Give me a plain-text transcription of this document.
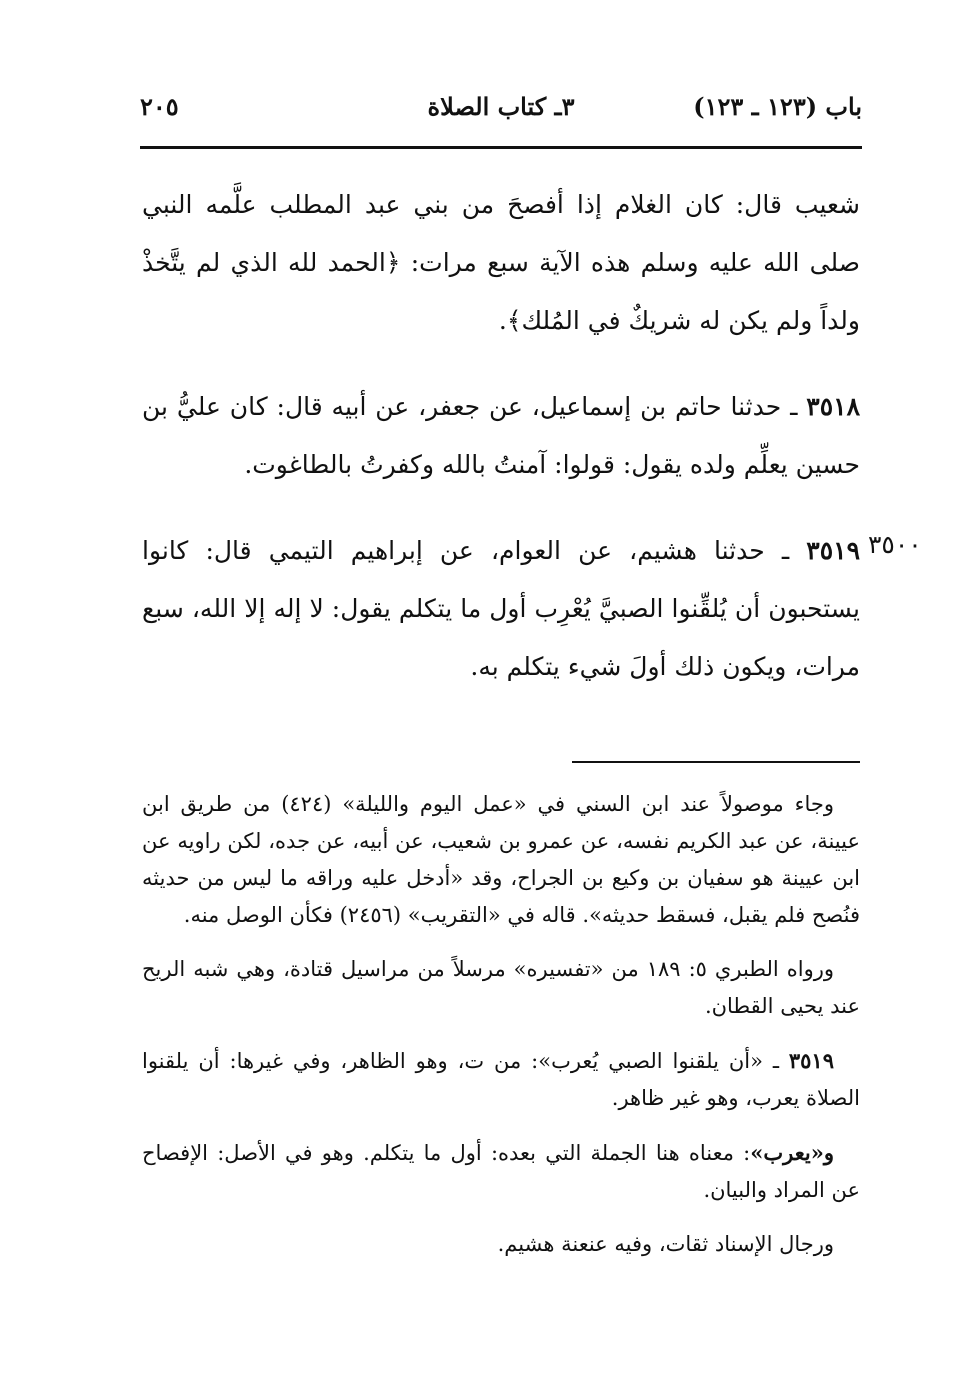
باب (١٢٣ ـ ١٢٣)
٣ـ كتاب الصلاة
٢٠٥

شعيب قال: كان الغلام إذا أفصحَ من بني عبد المطلب علَّمه النبي صلى الله عليه وسلم هذه الآية سبع مرات: ﴿الحمد لله الذي لم يتَّخذْ ولداً ولم يكن له شريكٌ في المُلك﴾.

٣٥١٨ ـ حدثنا حاتم بن إسماعيل، عن جعفر، عن أبيه قال: كان عليُّ بن حسين يعلِّم ولده يقول: قولوا: آمنتُ بالله وكفرتُ بالطاغوت.

٣٥١٩ ـ حدثنا هشيم، عن العوام، عن إبراهيم التيمي قال: كانوا يستحبون أن يُلقِّنوا الصبيَّ يُعْرِب أول ما يتكلم يقول: لا إله إلا الله، سبع مرات، ويكون ذلك أولَ شيء يتكلم به.

٣٥٠٠

وجاء موصولاً عند ابن السني في «عمل اليوم والليلة» (٤٢٤) من طريق ابن عيينة، عن عبد الكريم نفسه، عن عمرو بن شعيب، عن أبيه، عن جده، لكن راويه عن ابن عيينة هو سفيان بن وكيع بن الجراح، وقد «أدخل عليه وراقه ما ليس من حديثه فنُصح فلم يقبل، فسقط حديثه». قاله في «التقريب» (٢٤٥٦) فكأن الوصل منه.

ورواه الطبري ٥: ١٨٩ من «تفسيره» مرسلاً من مراسيل قتادة، وهي شبه الريح عند يحيى القطان.

٣٥١٩ ـ «أن يلقنوا الصبي يُعرب»: من ت، وهو الظاهر، وفي غيرها: أن يلقنوا الصلاة يعرب، وهو غير ظاهر.

و«يعرب»: معناه هنا الجملة التي بعده: أول ما يتكلم. وهو في الأصل: الإفصاح عن المراد والبيان.

ورجال الإسناد ثقات، وفيه عنعنة هشيم.
